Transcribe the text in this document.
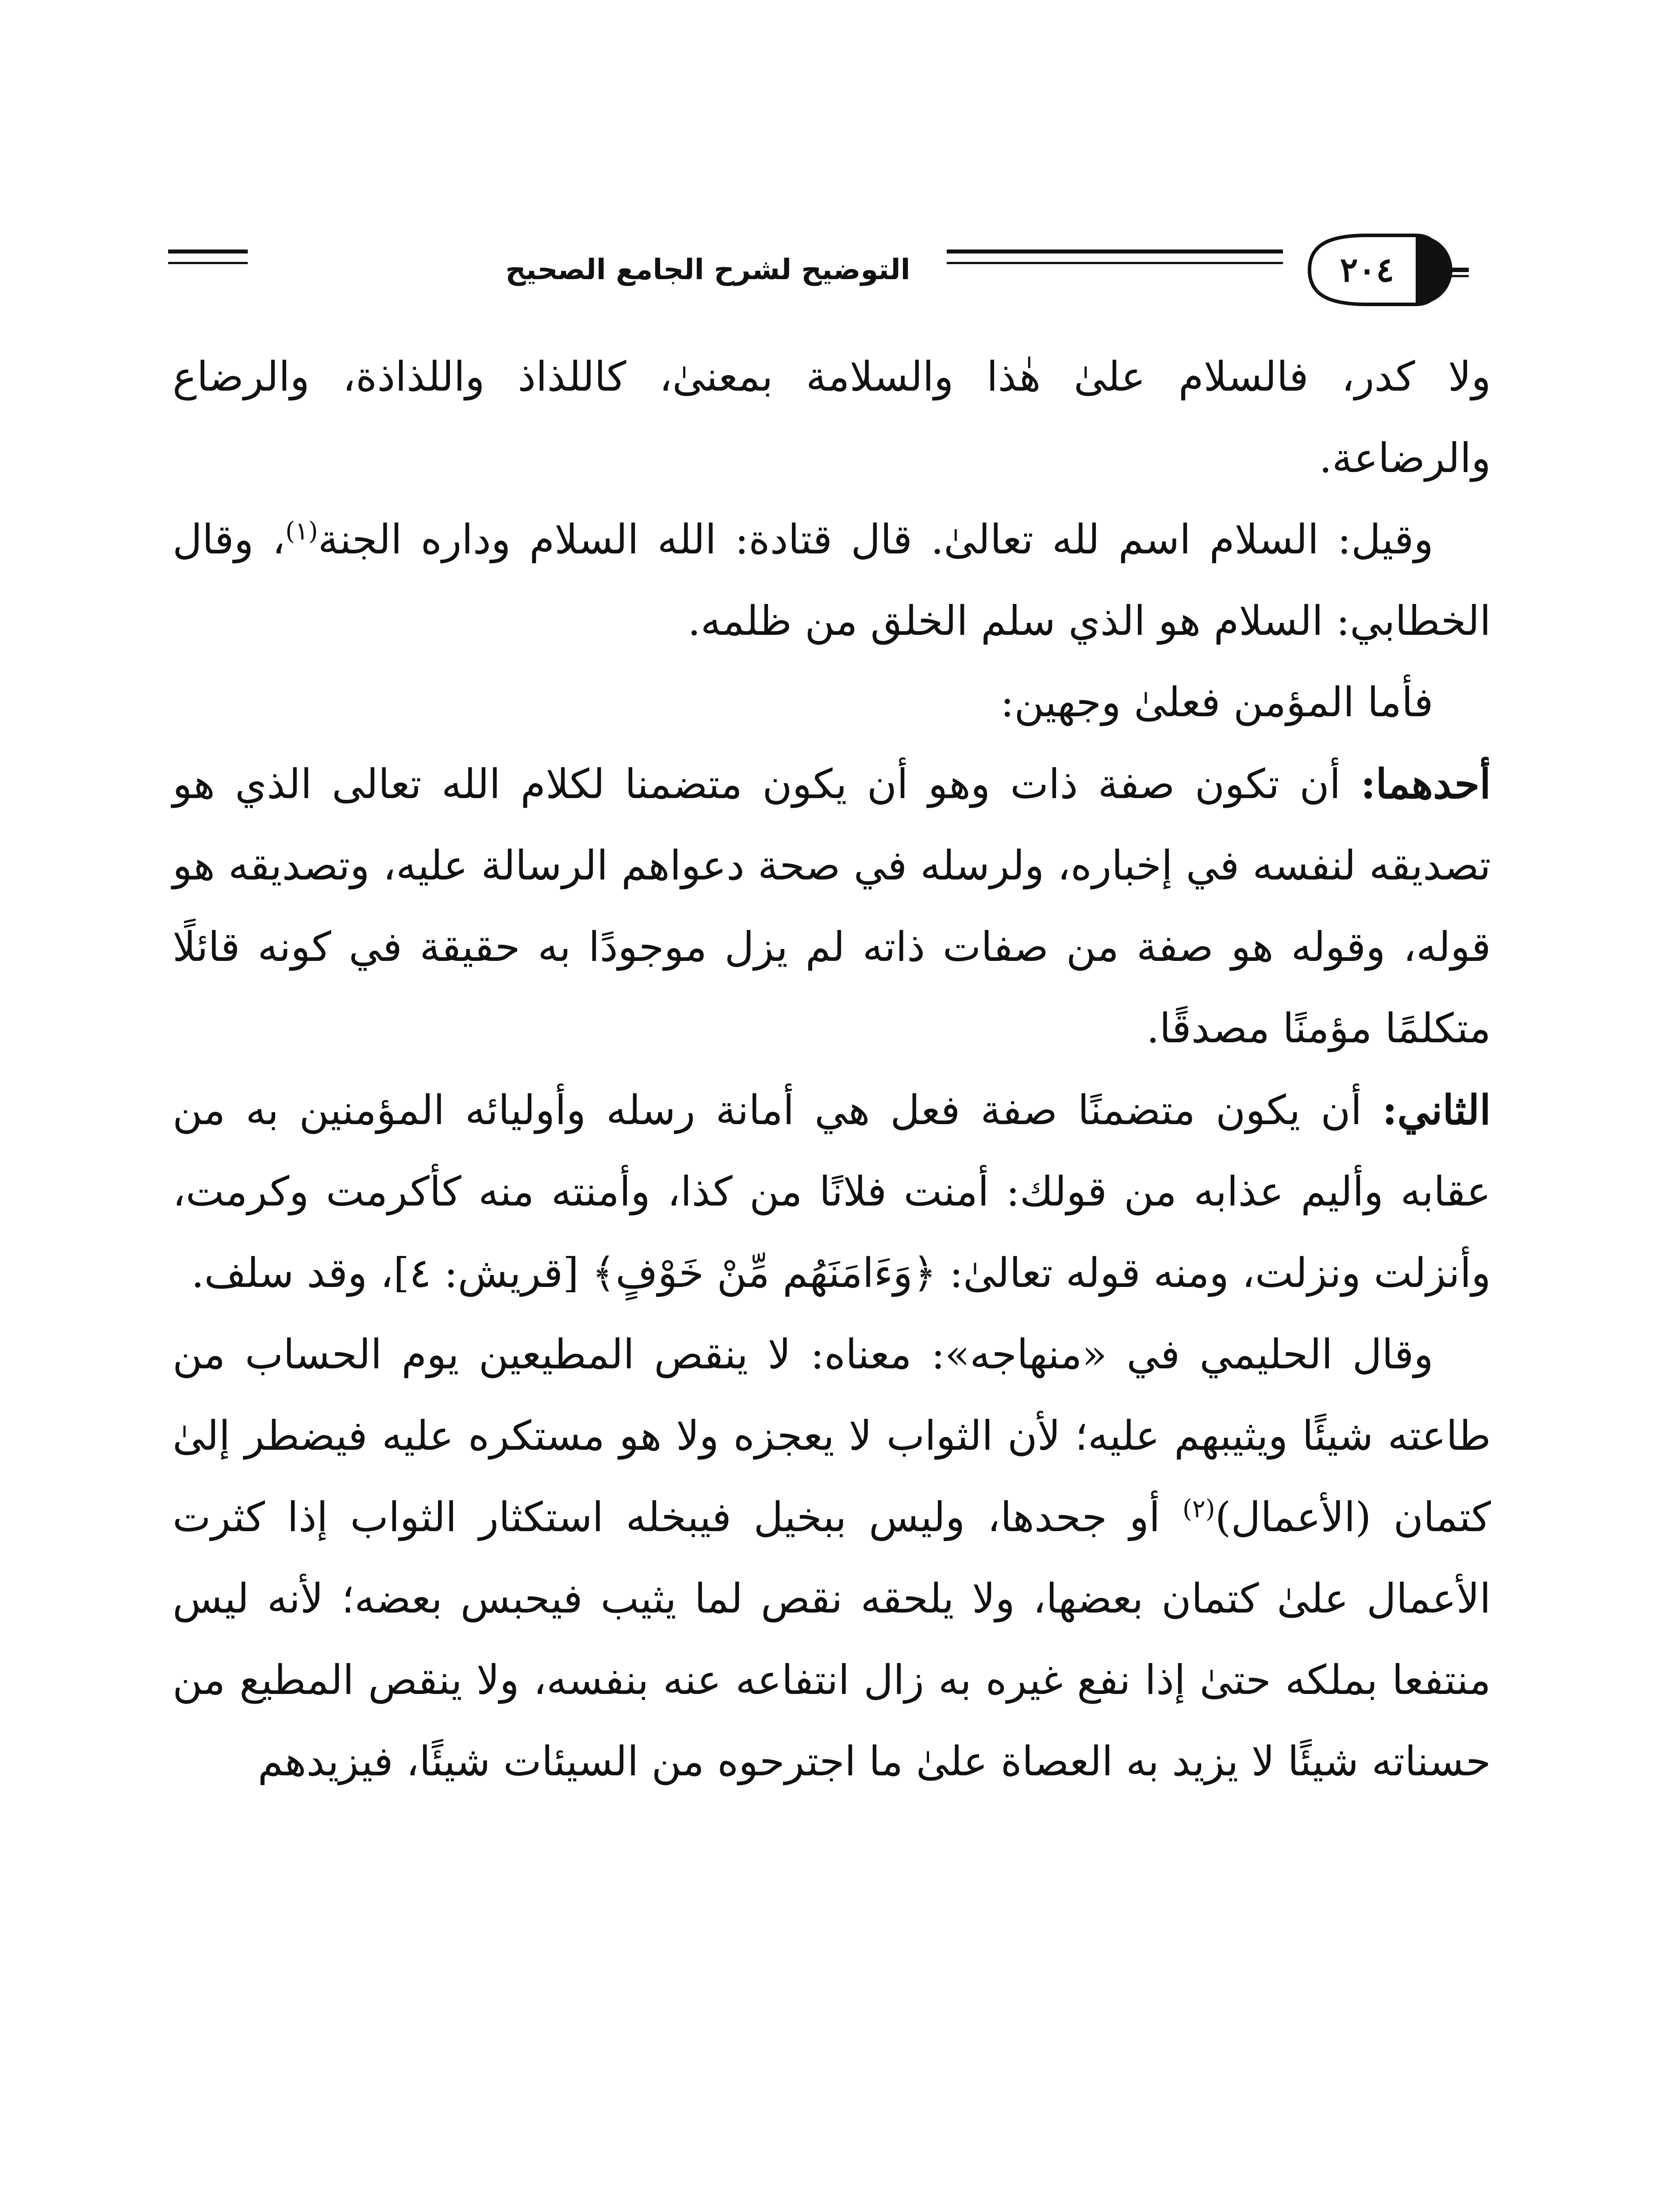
التوضيح لشرح الجامع الصحيح	٢٠٤

ولا كدر، فالسلام علىٰ هٰذا والسلامة بمعنىٰ، كاللذاذ واللذاذة، والرضاع والرضاعة.

وقيل: السلام اسم لله تعالىٰ. قال قتادة: الله السلام وداره الجنة$^{(١)}$، وقال الخطابي: السلام هو الذي سلم الخلق من ظلمه.

فأما المؤمن فعلىٰ وجهين:

أحدهما: أن تكون صفة ذات وهو أن يكون متضمنا لكلام الله تعالى الذي هو تصديقه لنفسه في إخباره، ولرسله في صحة دعواهم الرسالة عليه، وتصديقه هو قوله، وقوله هو صفة من صفات ذاته لم يزل موجودًا به حقيقة في كونه قائلًا متكلمًا مؤمنًا مصدقًا.

الثاني: أن يكون متضمنًا صفة فعل هي أمانة رسله وأوليائه المؤمنين به من عقابه وأليم عذابه من قولك: أمنت فلانًا من كذا، وأمنته منه كأكرمت وكرمت، وأنزلت ونزلت، ومنه قوله تعالىٰ: ﴿وَءَامَنَهُم مِّنْ خَوْفٍ﴾ [قريش: ٤]، وقد سلف.

وقال الحليمي في «منهاجه»: معناه: لا ينقص المطيعين يوم الحساب من طاعته شيئًا ويثيبهم عليه؛ لأن الثواب لا يعجزه ولا هو مستكره عليه فيضطر إلىٰ كتمان (الأعمال)$^{(٢)}$ أو جحدها، وليس ببخيل فيبخله استكثار الثواب إذا كثرت الأعمال علىٰ كتمان بعضها، ولا يلحقه نقص لما يثيب فيحبس بعضه؛ لأنه ليس منتفعا بملكه حتىٰ إذا نفع غيره به زال انتفاعه عنه بنفسه، ولا ينقص المطيع من حسناته شيئًا لا يزيد به العصاة علىٰ ما اجترحوه من السيئات شيئًا، فيزيدهم
